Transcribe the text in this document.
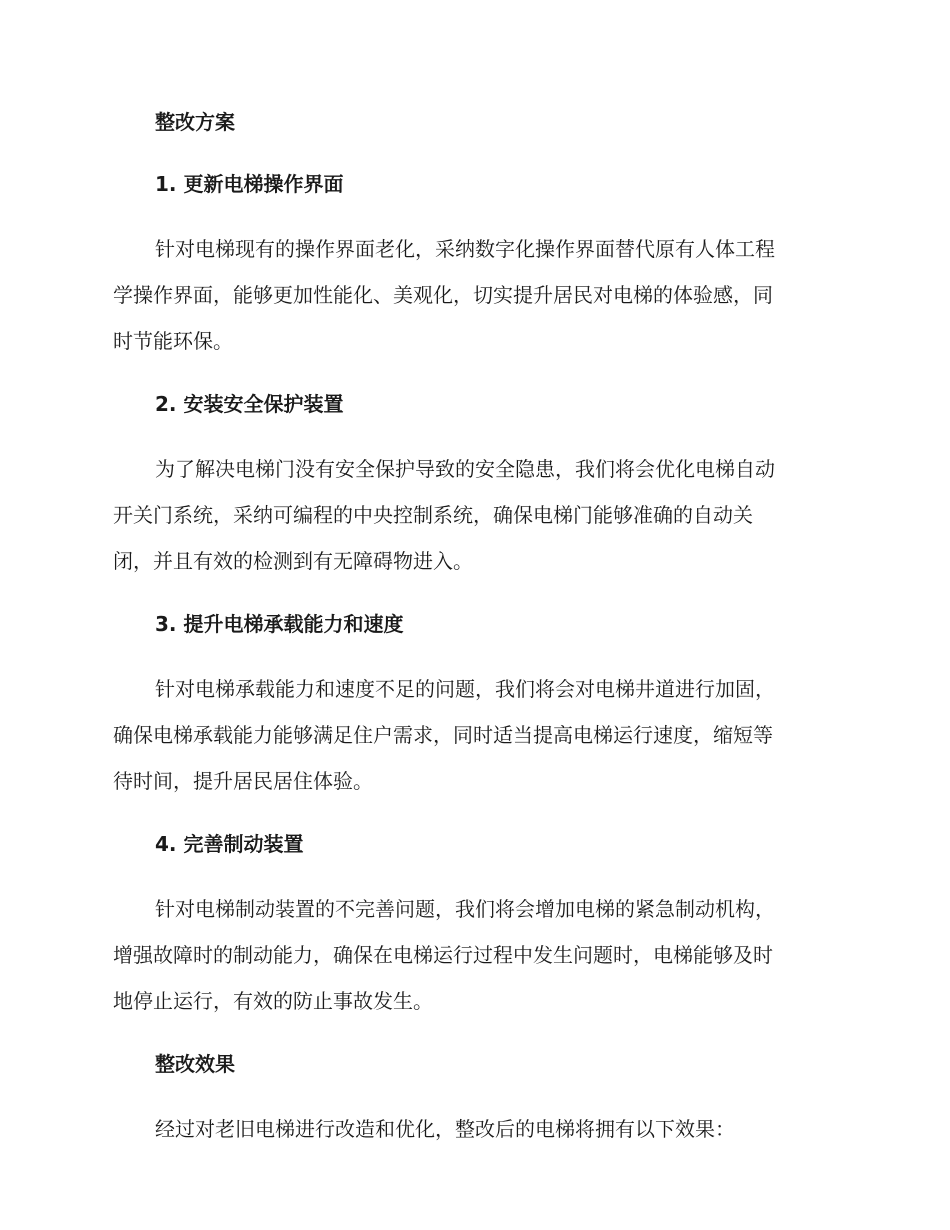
整改方案

1. 更新电梯操作界面

针对电梯现有的操作界面老化，采纳数字化操作界面替代原有人体工程
学操作界面，能够更加性能化、美观化，切实提升居民对电梯的体验感，同
时节能环保。

2. 安装安全保护装置

为了解决电梯门没有安全保护导致的安全隐患，我们将会优化电梯自动
开关门系统，采纳可编程的中央控制系统，确保电梯门能够准确的自动关
闭，并且有效的检测到有无障碍物进入。

3. 提升电梯承载能力和速度

针对电梯承载能力和速度不足的问题，我们将会对电梯井道进行加固，
确保电梯承载能力能够满足住户需求，同时适当提高电梯运行速度，缩短等
待时间，提升居民居住体验。

4. 完善制动装置

针对电梯制动装置的不完善问题，我们将会增加电梯的紧急制动机构，
增强故障时的制动能力，确保在电梯运行过程中发生问题时，电梯能够及时
地停止运行，有效的防止事故发生。

整改效果

经过对老旧电梯进行改造和优化，整改后的电梯将拥有以下效果：
